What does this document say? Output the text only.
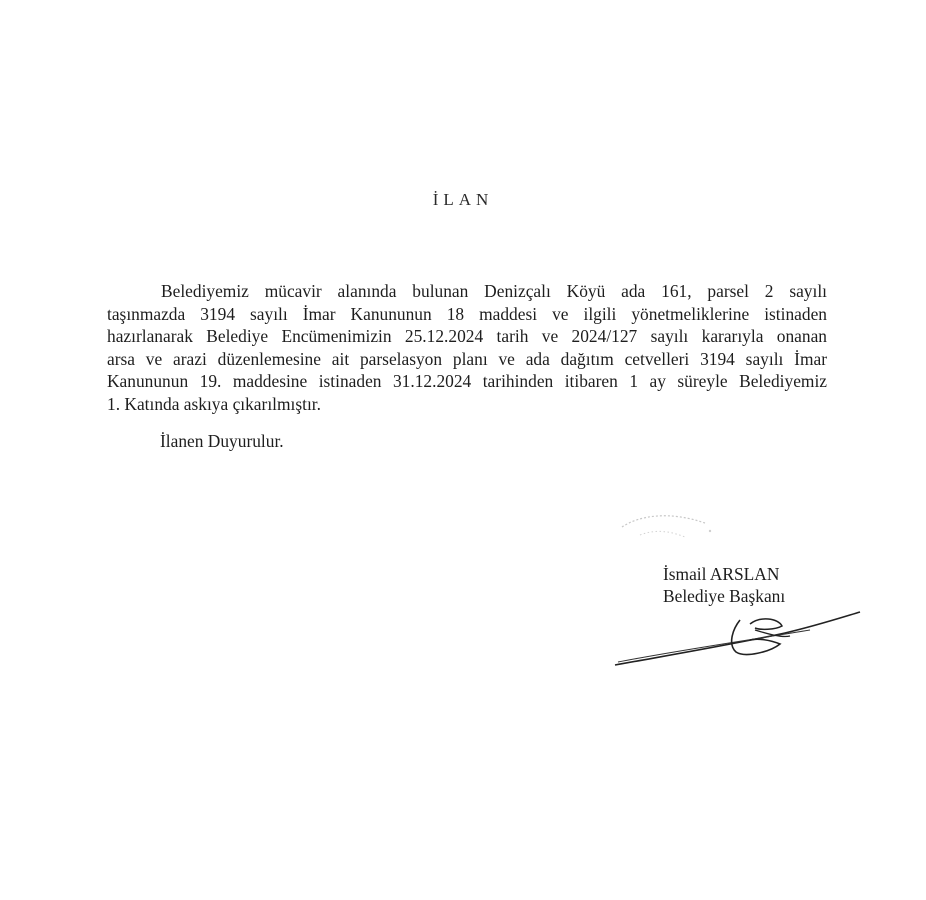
İLAN
Belediyemiz mücavir alanında bulunan Denizçalı Köyü ada 161, parsel 2 sayılı
taşınmazda 3194 sayılı İmar Kanununun 18 maddesi ve ilgili yönetmeliklerine istinaden
hazırlanarak Belediye Encümenimizin 25.12.2024 tarih ve 2024/127 sayılı kararıyla onanan
arsa ve arazi düzenlemesine ait parselasyon planı ve ada dağıtım cetvelleri 3194 sayılı İmar
Kanununun 19. maddesine istinaden 31.12.2024 tarihinden itibaren 1 ay süreyle Belediyemiz
1. Katında askıya çıkarılmıştır.
İlanen Duyurulur.
İsmail ARSLAN
Belediye Başkanı
